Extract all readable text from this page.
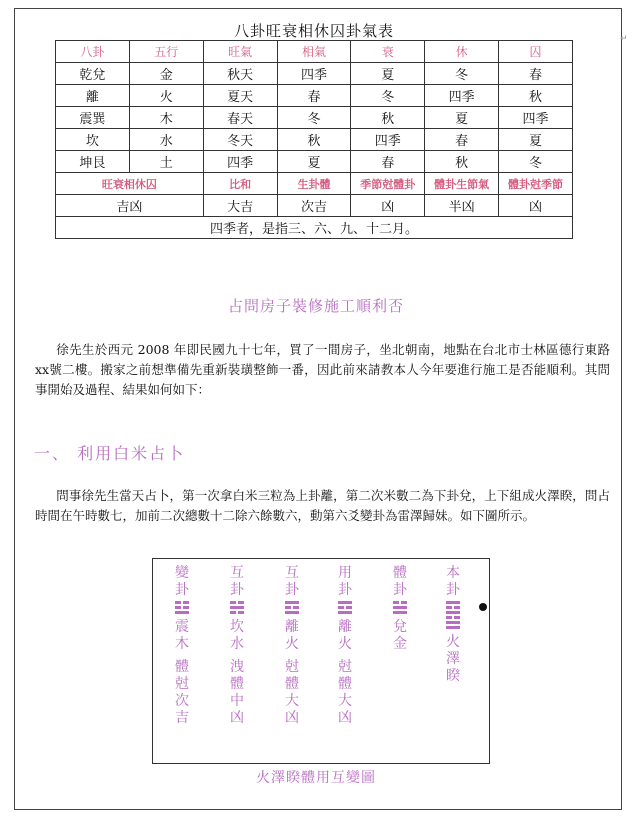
↵
八卦旺衰相休囚卦氣表
八卦	五行	旺氣	相氣	衰	休	囚
乾兌	金	秋天	四季	夏	冬	春
離	火	夏天	春	冬	四季	秋
震巽	木	春天	冬	秋	夏	四季
坎	水	冬天	秋	四季	春	夏
坤艮	土	四季	夏	春	秋	冬
旺衰相休囚		比和	生卦體	季節尅體卦	體卦生節氣	體卦尅季節
吉凶		大吉	次吉	凶	半凶	凶
四季者，是指三、六、九、十二月。						
占問房子裝修施工順利否
徐先生於西元 2008 年即民國九十七年，買了一間房子，坐北朝南，地點在台北市士林區德行東路xx號二樓。搬家之前想準備先重新裝璜整飾一番，因此前來請教本人今年要進行施工是否能順利。其問事開始及過程、結果如何如下：
一、 利用白米占卜
問事徐先生當天占卜，第一次拿白米三粒為上卦離，第二次米數二為下卦兌，上下組成火澤睽，問占時間在午時數七，加前二次總數十二除六餘數六，動第六爻變卦為雷澤歸妹。如下圖所示。
變卦
震
木
體
尅
次
吉
互卦
坎
水
洩
體
中
凶
互卦
離
火
尅
體
大
凶
用卦
離
火
尅
體
大
凶
體卦
兌
金
本卦
火
澤
睽
火澤睽體用互變圖
